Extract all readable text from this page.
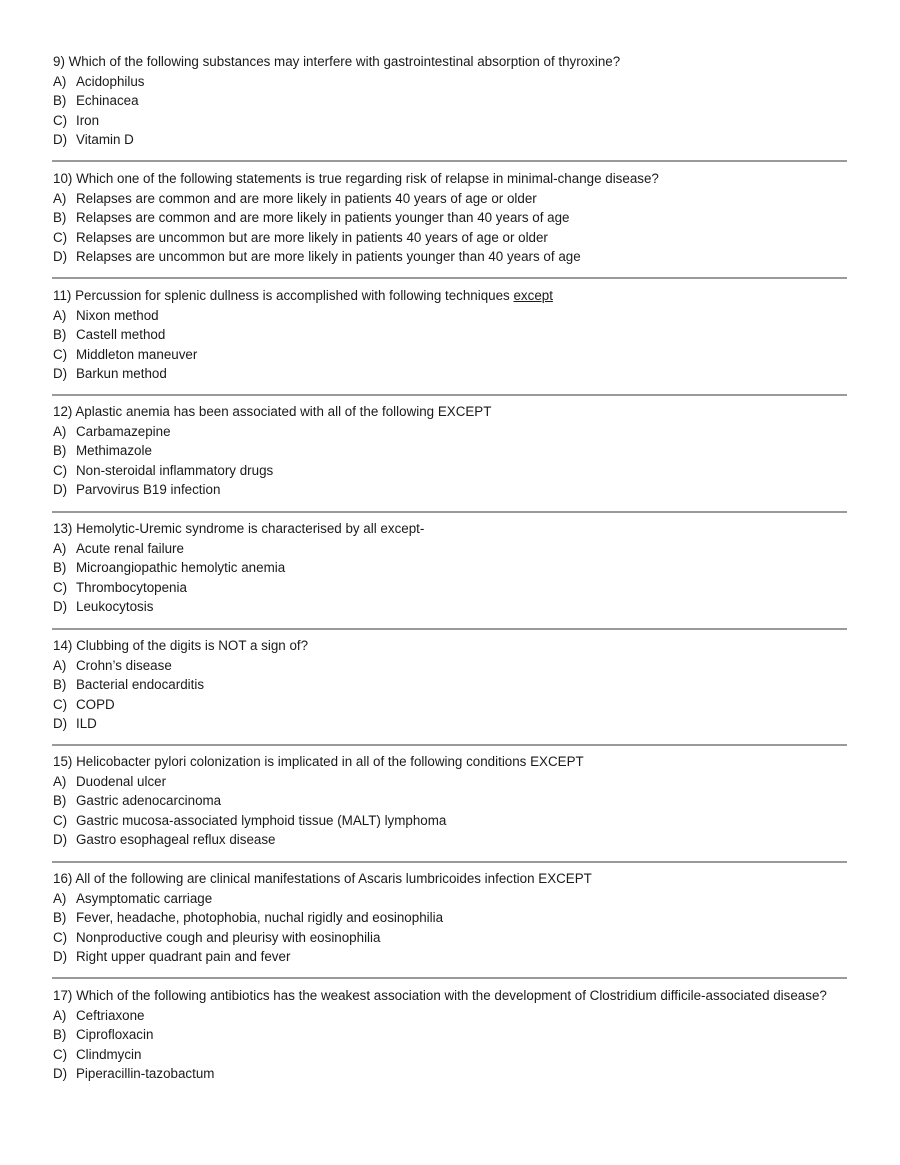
9) Which of the following substances may interfere with gastrointestinal absorption of thyroxine?
A) Acidophilus
B) Echinacea
C) Iron
D) Vitamin D
10) Which one of the following statements is true regarding risk of relapse in minimal-change disease?
A) Relapses are common and are more likely in patients 40 years of age or older
B) Relapses are common and are more likely in patients younger than 40 years of age
C) Relapses are uncommon but are more likely in patients 40 years of age or older
D) Relapses are uncommon but are more likely in patients younger than 40 years of age
11) Percussion for splenic dullness is accomplished with following techniques except
A) Nixon method
B) Castell method
C) Middleton maneuver
D) Barkun method
12) Aplastic anemia has been associated with all of the following EXCEPT
A) Carbamazepine
B) Methimazole
C) Non-steroidal inflammatory drugs
D) Parvovirus B19 infection
13) Hemolytic-Uremic syndrome is characterised by all except-
A) Acute renal failure
B) Microangiopathic hemolytic anemia
C) Thrombocytopenia
D) Leukocytosis
14) Clubbing of the digits is NOT a sign of?
A) Crohn’s disease
B) Bacterial endocarditis
C) COPD
D) ILD
15) Helicobacter pylori colonization is implicated in all of the following conditions EXCEPT
A) Duodenal ulcer
B) Gastric adenocarcinoma
C) Gastric mucosa-associated lymphoid tissue (MALT) lymphoma
D) Gastro esophageal reflux disease
16) All of the following are clinical manifestations of Ascaris lumbricoides infection EXCEPT
A) Asymptomatic carriage
B) Fever, headache, photophobia, nuchal rigidly and eosinophilia
C) Nonproductive cough and pleurisy with eosinophilia
D) Right upper quadrant pain and fever
17) Which of the following antibiotics has the weakest association with the development of Clostridium difficile-associated disease?
A) Ceftriaxone
B) Ciprofloxacin
C) Clindmycin
D) Piperacillin-tazobactum
